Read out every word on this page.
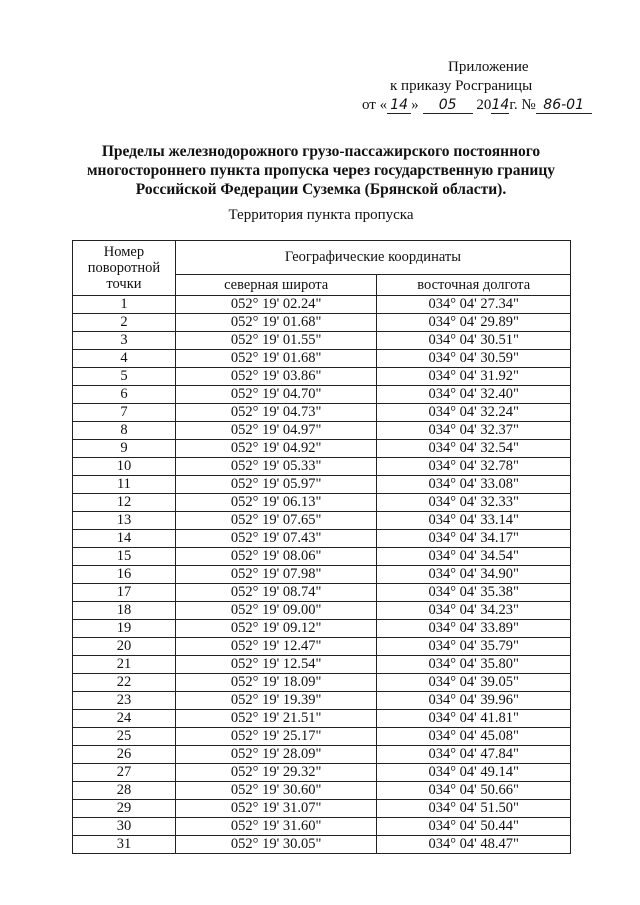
Приложение
к приказу Росграницы
от « 14 » 05 2014г. № 86-01
Пределы железнодорожного грузо-пассажирского постоянного многостороннего пункта пропуска через государственную границу Российской Федерации Суземка (Брянской области).
Территория пункта пропуска
Номер поворотной точки	Географические координаты	
	северная широта	восточная долгота
1	052° 19' 02.24"	034° 04' 27.34"
2	052° 19' 01.68"	034° 04' 29.89"
3	052° 19' 01.55"	034° 04' 30.51"
4	052° 19' 01.68"	034° 04' 30.59"
5	052° 19' 03.86"	034° 04' 31.92"
6	052° 19' 04.70"	034° 04' 32.40"
7	052° 19' 04.73"	034° 04' 32.24"
8	052° 19' 04.97"	034° 04' 32.37"
9	052° 19' 04.92"	034° 04' 32.54"
10	052° 19' 05.33"	034° 04' 32.78"
11	052° 19' 05.97"	034° 04' 33.08"
12	052° 19' 06.13"	034° 04' 32.33"
13	052° 19' 07.65"	034° 04' 33.14"
14	052° 19' 07.43"	034° 04' 34.17"
15	052° 19' 08.06"	034° 04' 34.54"
16	052° 19' 07.98"	034° 04' 34.90"
17	052° 19' 08.74"	034° 04' 35.38"
18	052° 19' 09.00"	034° 04' 34.23"
19	052° 19' 09.12"	034° 04' 33.89"
20	052° 19' 12.47"	034° 04' 35.79"
21	052° 19' 12.54"	034° 04' 35.80"
22	052° 19' 18.09"	034° 04' 39.05"
23	052° 19' 19.39"	034° 04' 39.96"
24	052° 19' 21.51"	034° 04' 41.81"
25	052° 19' 25.17"	034° 04' 45.08"
26	052° 19' 28.09"	034° 04' 47.84"
27	052° 19' 29.32"	034° 04' 49.14"
28	052° 19' 30.60"	034° 04' 50.66"
29	052° 19' 31.07"	034° 04' 51.50"
30	052° 19' 31.60"	034° 04' 50.44"
31	052° 19' 30.05"	034° 04' 48.47"
